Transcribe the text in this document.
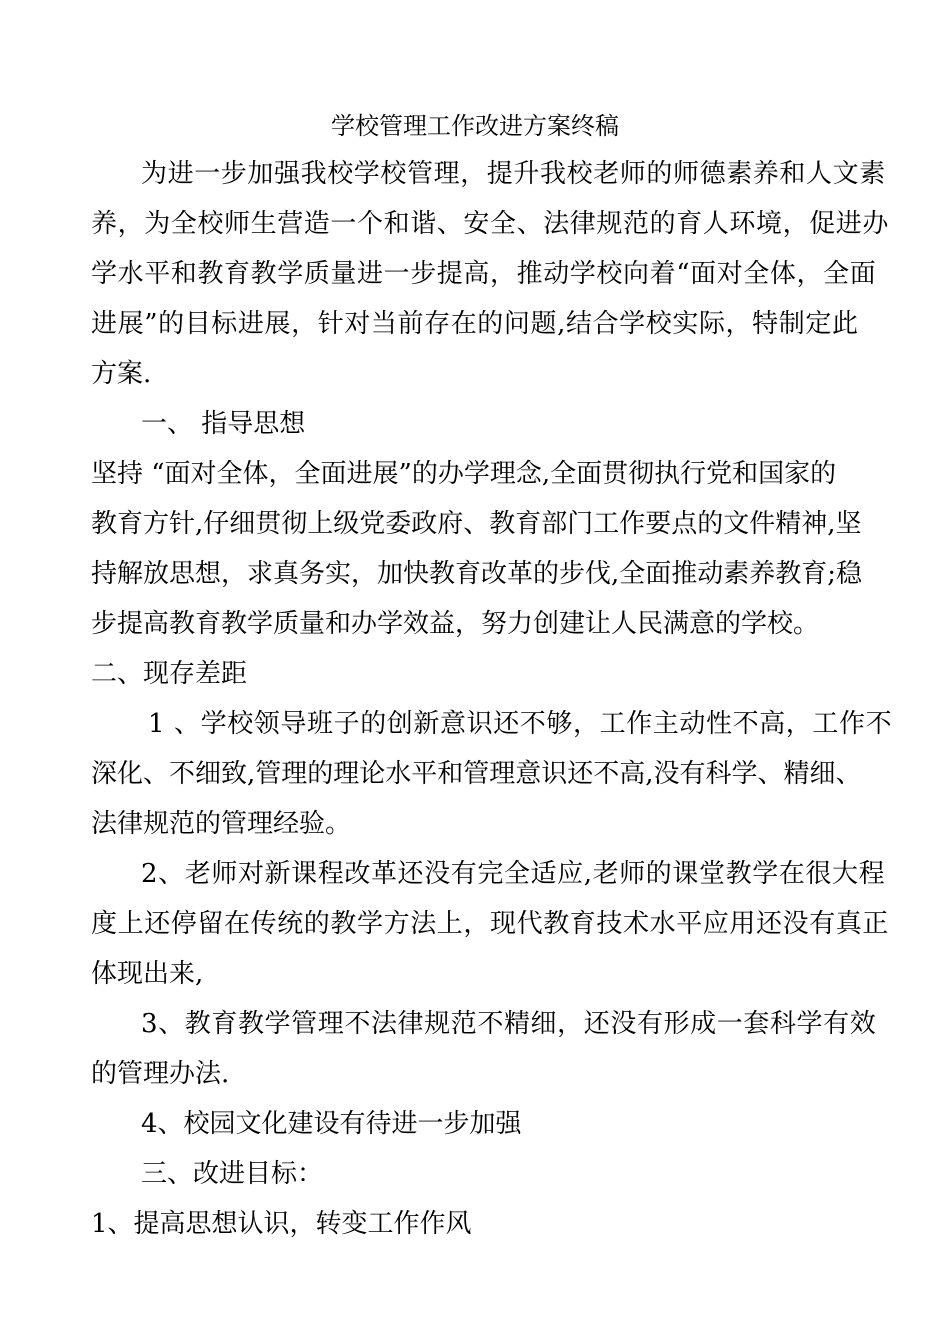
学校管理工作改进方案终稿
为进一步加强我校学校管理，提升我校老师的师德素养和人文素
养，为全校师生营造一个和谐、安全、法律规范的育人环境，促进办
学水平和教育教学质量进一步提高，推动学校向着“面对全体，全面
进展”的目标进展，针对当前存在的问题,结合学校实际，特制定此
方案.
一、 指导思想
坚持 “面对全体，全面进展”的办学理念,全面贯彻执行党和国家的
教育方针,仔细贯彻上级党委政府、教育部门工作要点的文件精神,坚
持解放思想，求真务实，加快教育改革的步伐,全面推动素养教育;稳
步提高教育教学质量和办学效益，努力创建让人民满意的学校。
二、现存差距
1 、学校领导班子的创新意识还不够，工作主动性不高，工作不
深化、不细致,管理的理论水平和管理意识还不高,没有科学、精细、
法律规范的管理经验。
2、老师对新课程改革还没有完全适应,老师的课堂教学在很大程
度上还停留在传统的教学方法上，现代教育技术水平应用还没有真正
体现出来,
3、教育教学管理不法律规范不精细，还没有形成一套科学有效
的管理办法.
4、校园文化建设有待进一步加强
三、改进目标：
1、提高思想认识，转变工作作风
